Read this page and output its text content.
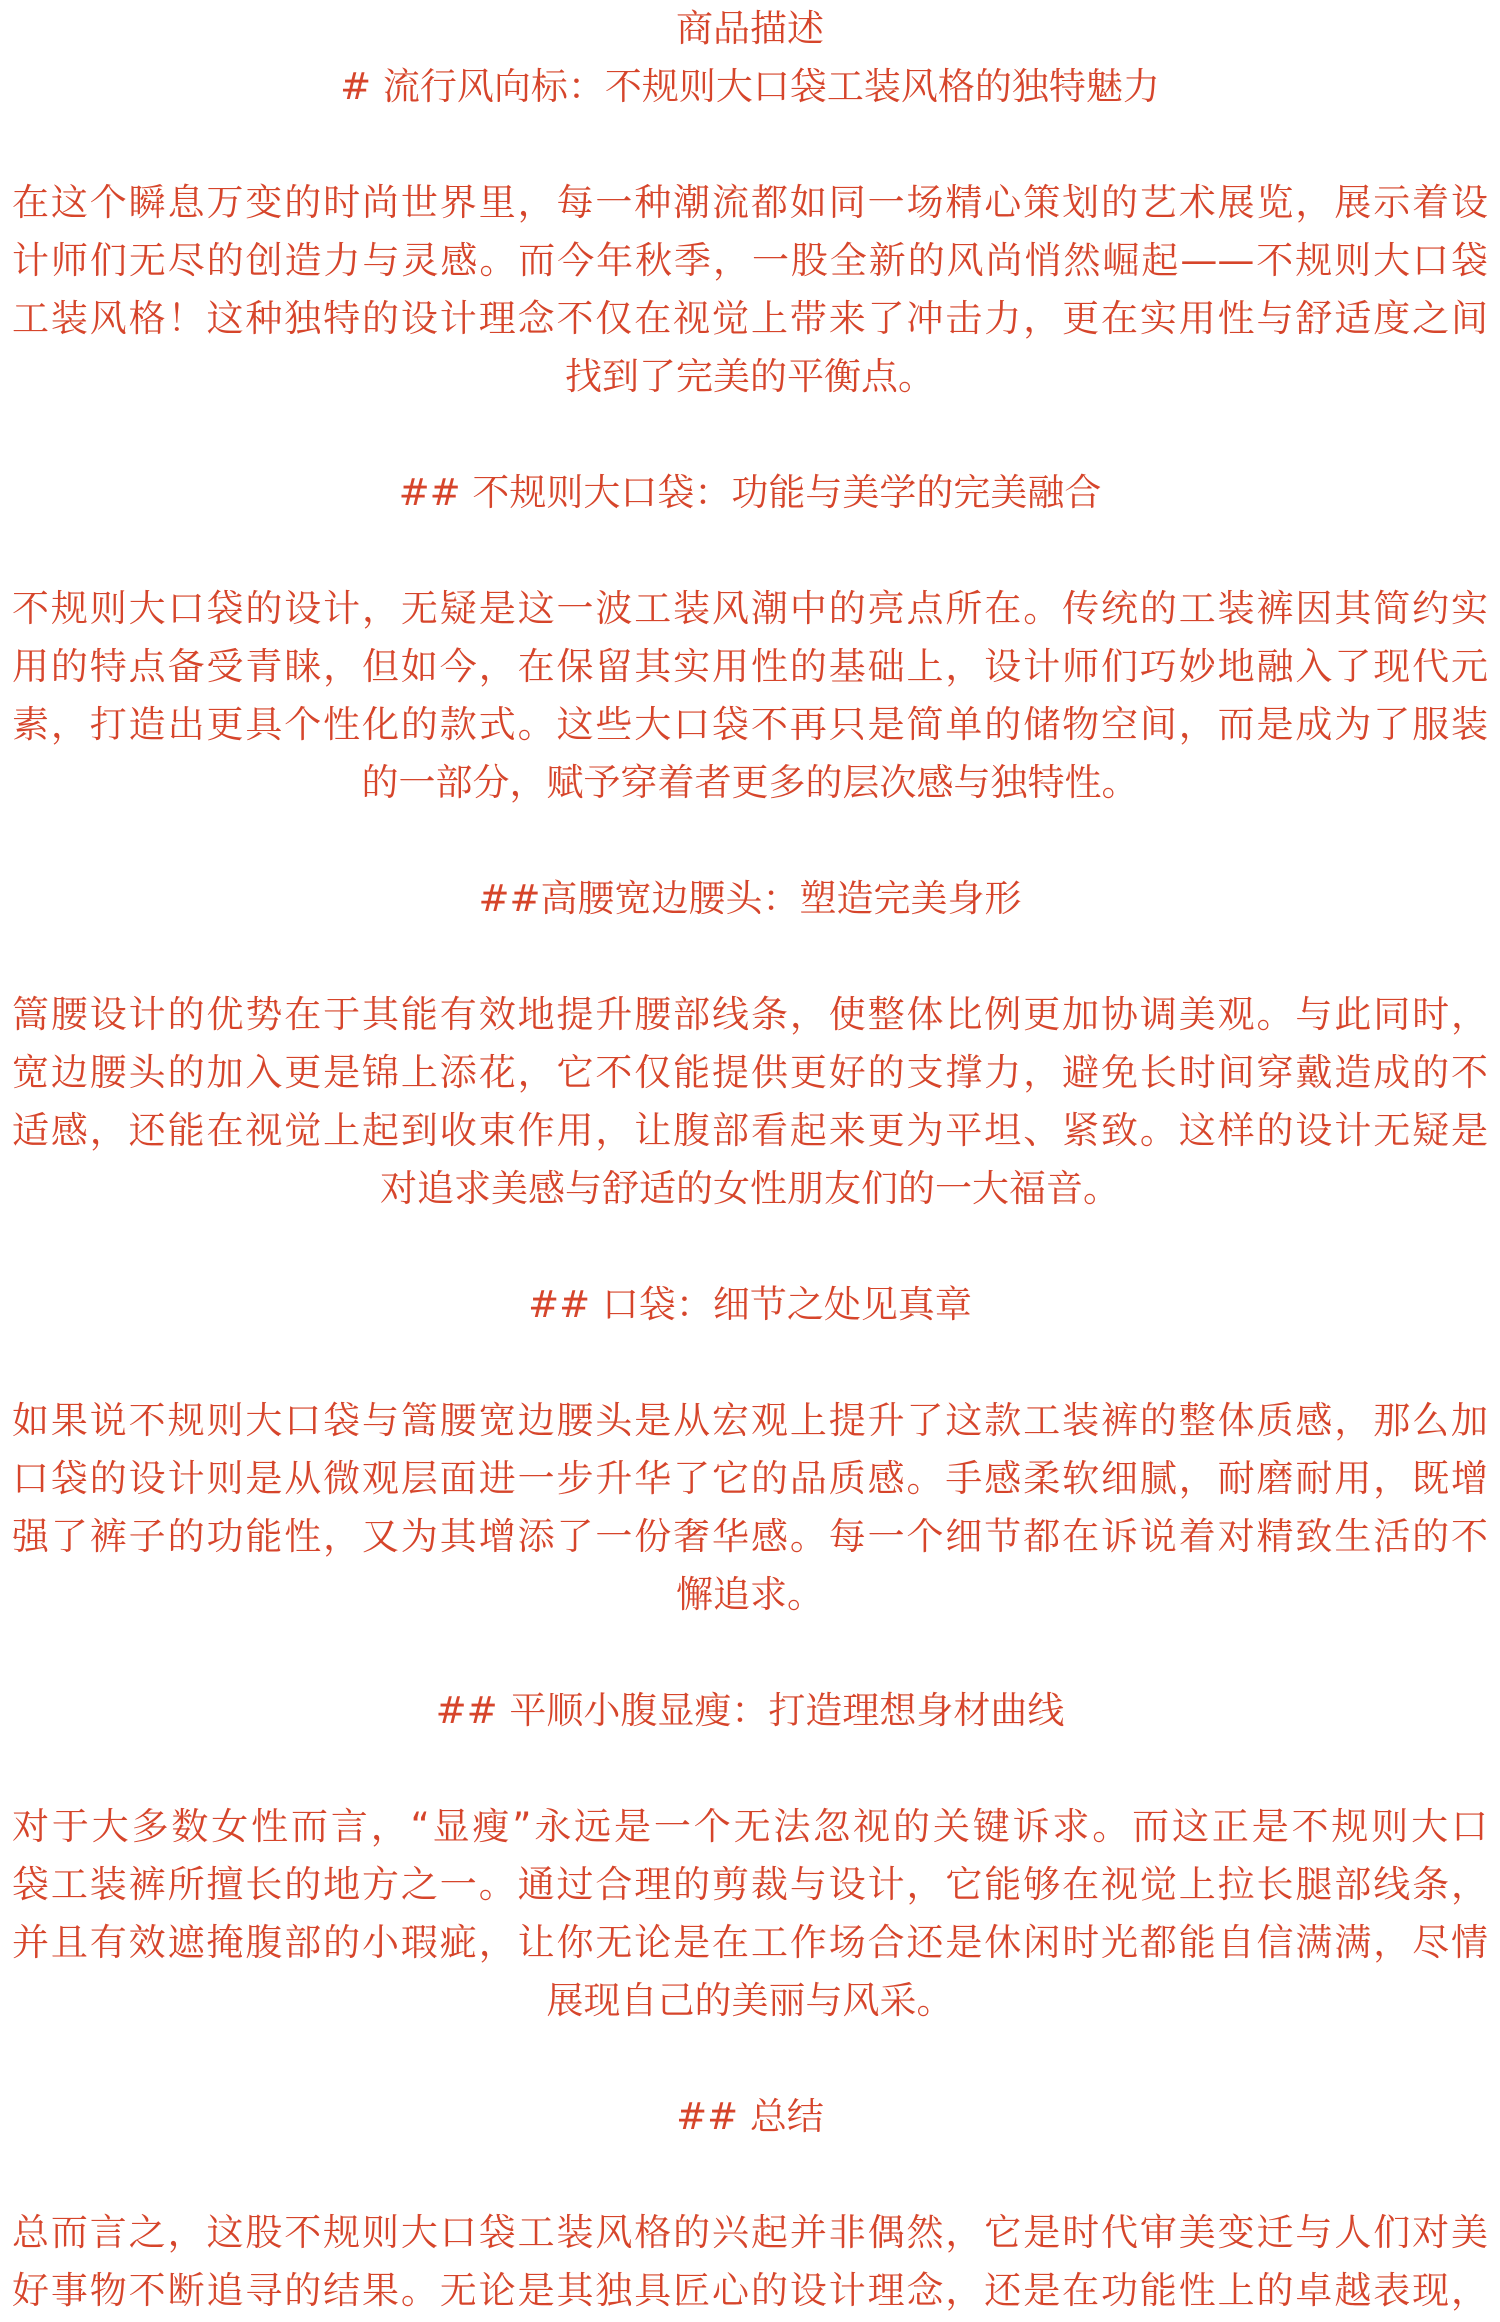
商品描述

# 流行风向标：不规则大口袋工装风格的独特魅力

在这个瞬息万变的时尚世界里，每一种潮流都如同一场精心策划的艺术展览，展示着设

计师们无尽的创造力与灵感。而今年秋季，一股全新的风尚悄然崛起——不规则大口袋

工装风格！这种独特的设计理念不仅在视觉上带来了冲击力，更在实用性与舒适度之间

找到了完美的平衡点。

## 不规则大口袋：功能与美学的完美融合

不规则大口袋的设计，无疑是这一波工装风潮中的亮点所在。传统的工装裤因其简约实

用的特点备受青睐，但如今，在保留其实用性的基础上，设计师们巧妙地融入了现代元

素，打造出更具个性化的款式。这些大口袋不再只是简单的储物空间，而是成为了服装

的一部分，赋予穿着者更多的层次感与独特性。

##高腰宽边腰头：塑造完美身形

篙腰设计的优势在于其能有效地提升腰部线条，使整体比例更加协调美观。与此同时，

宽边腰头的加入更是锦上添花，它不仅能提供更好的支撑力，避免长时间穿戴造成的不

适感，还能在视觉上起到收束作用，让腹部看起来更为平坦、紧致。这样的设计无疑是

对追求美感与舒适的女性朋友们的一大福音。

## 口袋：细节之处见真章

如果说不规则大口袋与篙腰宽边腰头是从宏观上提升了这款工装裤的整体质感，那么加

口袋的设计则是从微观层面进一步升华了它的品质感。手感柔软细腻，耐磨耐用，既增

强了裤子的功能性，又为其增添了一份奢华感。每一个细节都在诉说着对精致生活的不

懈追求。

## 平顺小腹显瘦：打造理想身材曲线

对于大多数女性而言，“显瘦”永远是一个无法忽视的关键诉求。而这正是不规则大口

袋工装裤所擅长的地方之一。通过合理的剪裁与设计，它能够在视觉上拉长腿部线条，

并且有效遮掩腹部的小瑕疵，让你无论是在工作场合还是休闲时光都能自信满满，尽情

展现自己的美丽与风采。

## 总结

总而言之，这股不规则大口袋工装风格的兴起并非偶然，它是时代审美变迁与人们对美

好事物不断追寻的结果。无论是其独具匠心的设计理念，还是在功能性上的卓越表现，
